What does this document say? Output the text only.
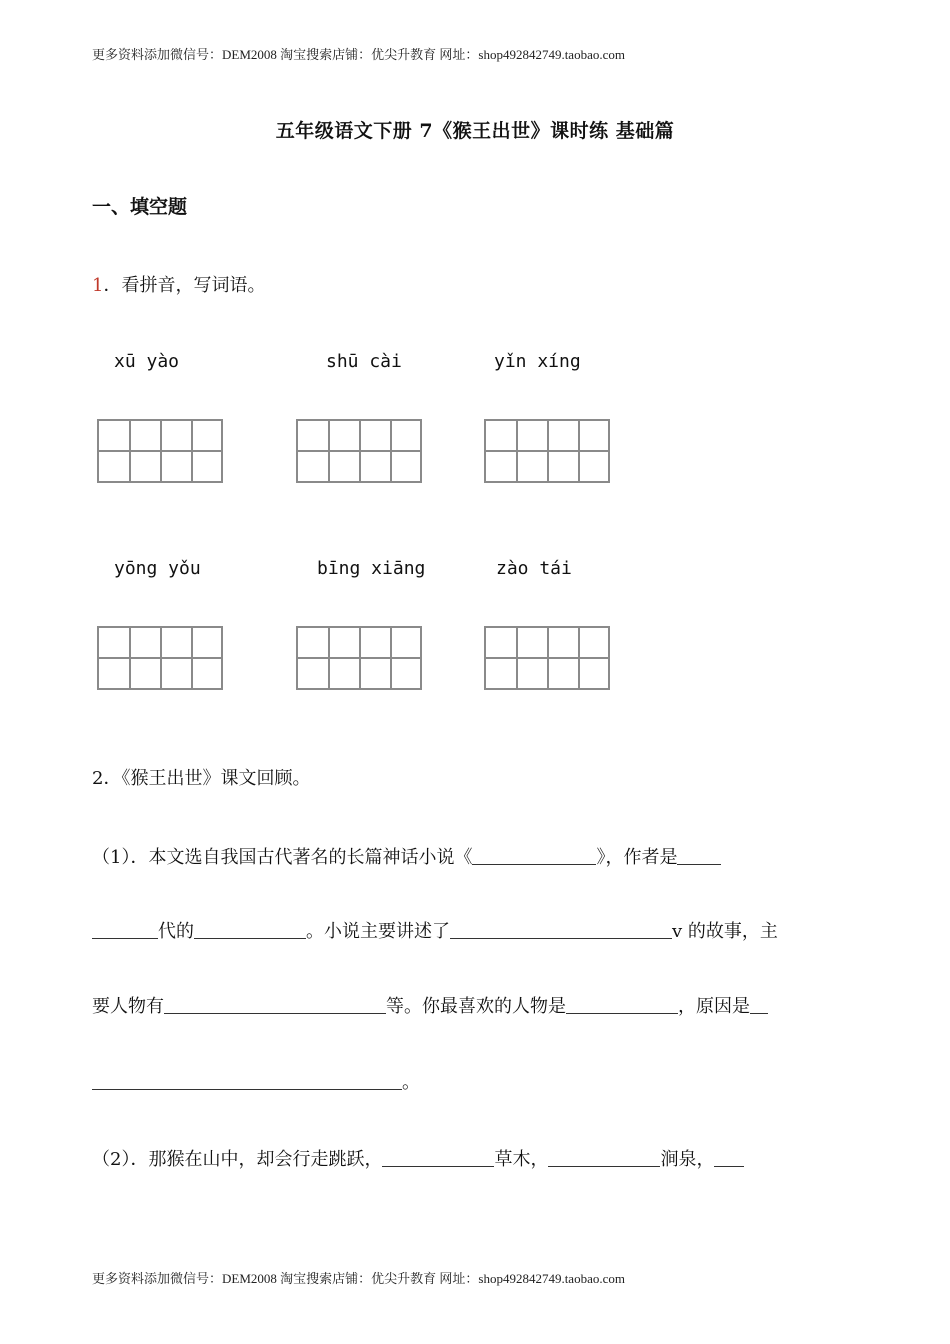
更多资料添加微信号：DEM2008 淘宝搜索店铺：优尖升教育 网址：shop492842749.taobao.com
五年级语文下册 7《猴王出世》课时练 基础篇
一、填空题
1．看拼音，写词语。
xū yào	shū cài	yǐn xíng
yōng yǒu	bīng xiāng	zào tái
2．《猴王出世》课文回顾。
（1）．本文选自我国古代著名的长篇神话小说《	》，作者是
代的	。小说主要讲述了	v 的故事，主
要人物有	等。你最喜欢的人物是	，原因是
。
（2）．那猴在山中，却会行走跳跃，	草木，	涧泉，
更多资料添加微信号：DEM2008 淘宝搜索店铺：优尖升教育 网址：shop492842749.taobao.com
